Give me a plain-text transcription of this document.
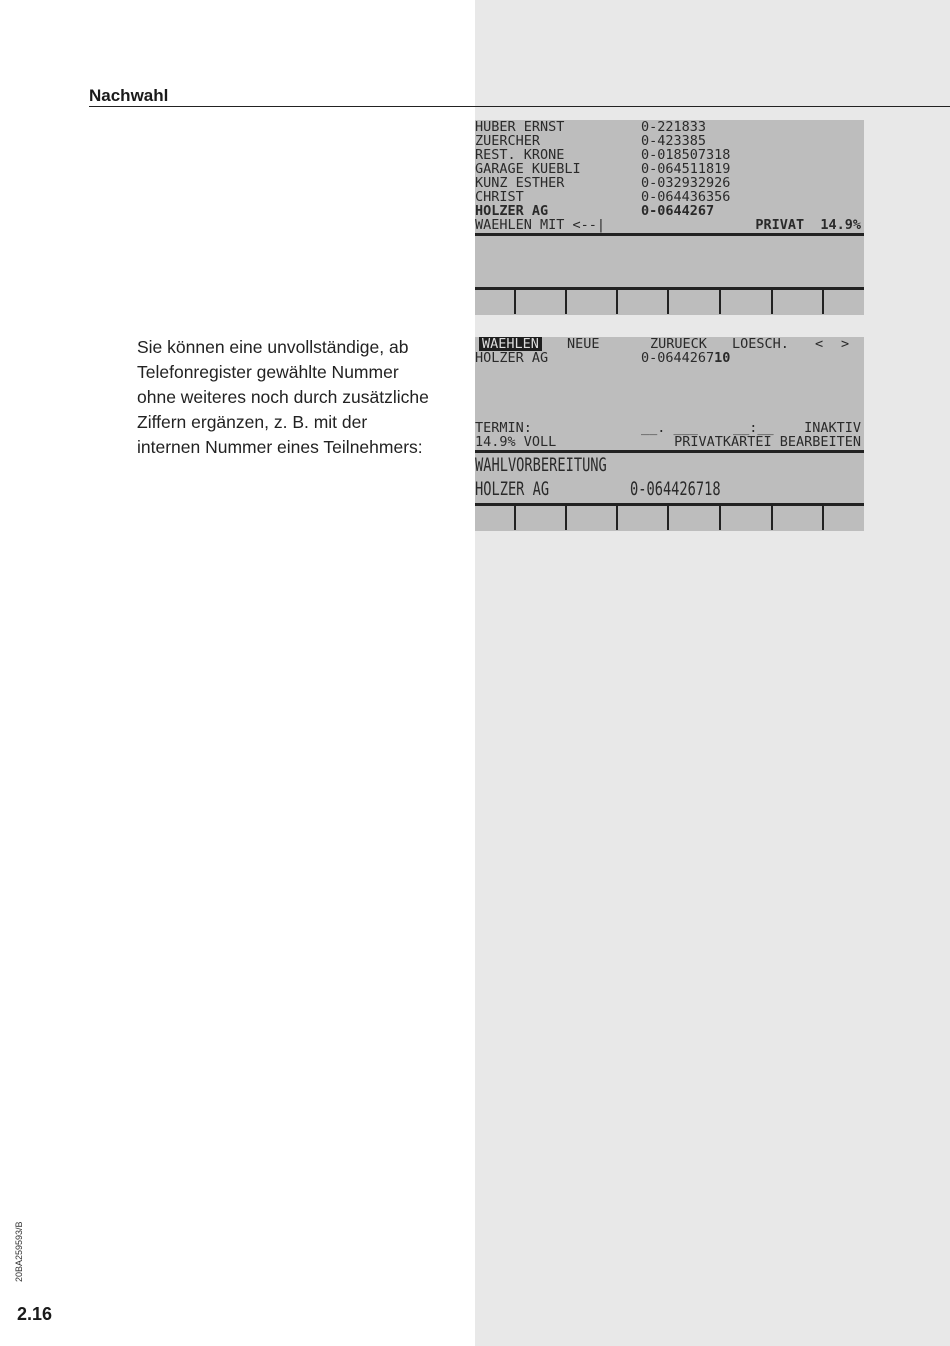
Nachwahl

Sie können eine unvollständige, ab
Telefonregister gewählte Nummer
ohne weiteres noch durch zusätzliche
Ziffern ergänzen, z. B. mit der
internen Nummer eines Teilnehmers:

20BA259593/B
2.16
HUBER ERNST	0-221833
ZUERCHER	0-423385
REST. KRONE	0-018507318
GARAGE KUEBLI	0-064511819
KUNZ ESTHER	0-032932926
CHRIST	0-064436356
HOLZER AG	0-0644267

WAEHLEN MIT <--|

	PRIVAT  14.9%

WAEHLEN

NEUE

	ZURUECK

LOESCH.

<

>

HOLZER AG

	0-064426710

TERMIN:

	__. ___

	__:__

INAKTIV

14.9% VOLL

	PRIVATKARTEI BEARBEITEN

WAHLVORBEREITUNG
HOLZER AG	0-064426718
